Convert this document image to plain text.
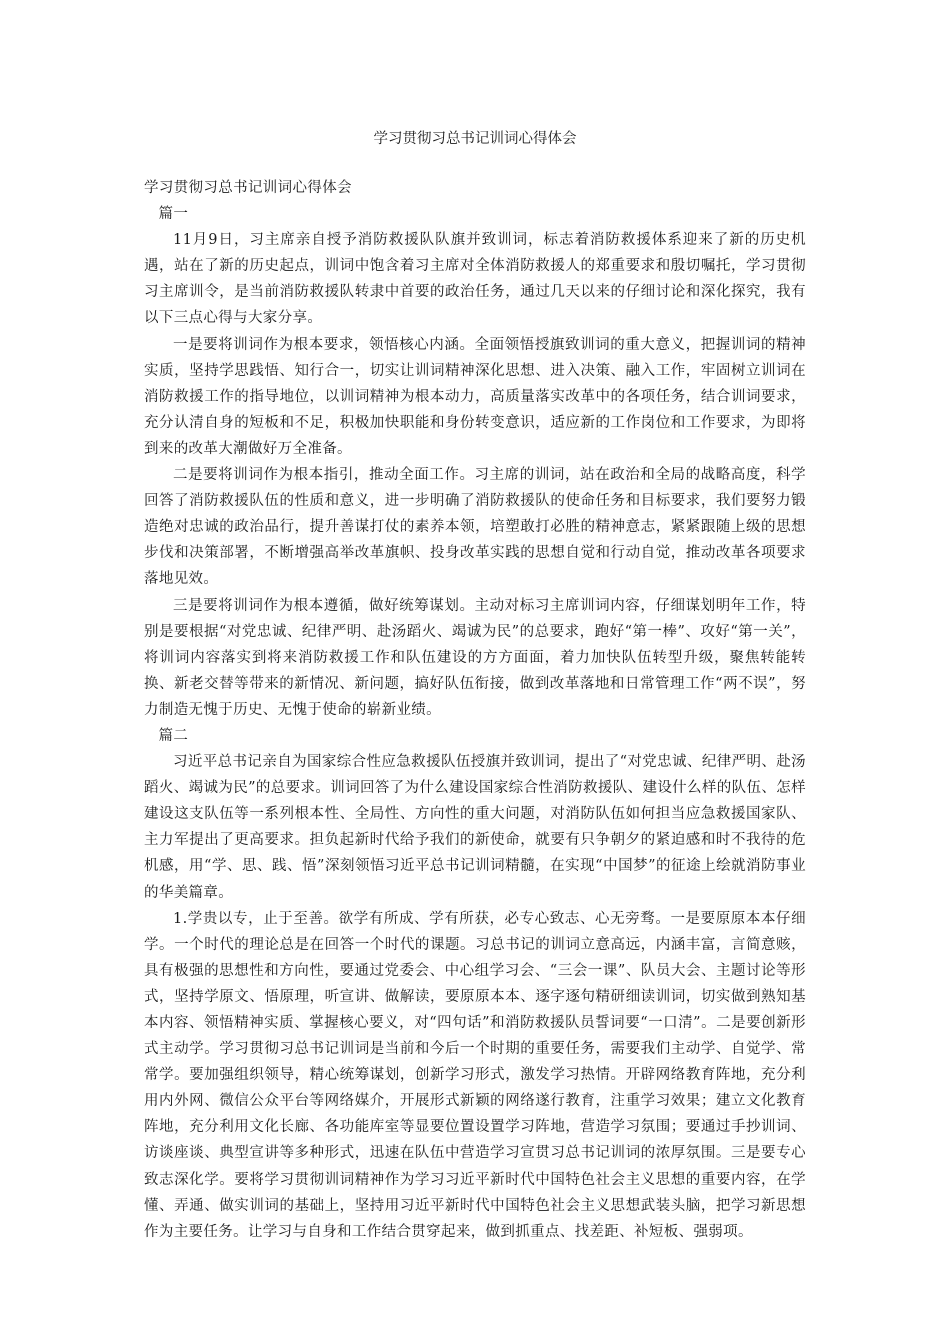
学习贯彻习总书记训词心得体会

学习贯彻习总书记训词心得体会

篇一

11月9日，习主席亲自授予消防救援队队旗并致训词，标志着消防救援体系迎来了新的历史机遇，站在了新的历史起点，训词中饱含着习主席对全体消防救援人的郑重要求和殷切嘱托，学习贯彻习主席训令，是当前消防救援队转隶中首要的政治任务，通过几天以来的仔细讨论和深化探究，我有以下三点心得与大家分享。

一是要将训词作为根本要求，领悟核心内涵。全面领悟授旗致训词的重大意义，把握训词的精神实质，坚持学思践悟、知行合一，切实让训词精神深化思想、进入决策、融入工作，牢固树立训词在消防救援工作的指导地位，以训词精神为根本动力，高质量落实改革中的各项任务，结合训词要求，充分认清自身的短板和不足，积极加快职能和身份转变意识，适应新的工作岗位和工作要求，为即将到来的改革大潮做好万全准备。

二是要将训词作为根本指引，推动全面工作。习主席的训词，站在政治和全局的战略高度，科学回答了消防救援队伍的性质和意义，进一步明确了消防救援队的使命任务和目标要求，我们要努力锻造绝对忠诚的政治品行，提升善谋打仗的素养本领，培塑敢打必胜的精神意志，紧紧跟随上级的思想步伐和决策部署，不断增强高举改革旗帜、投身改革实践的思想自觉和行动自觉，推动改革各项要求落地见效。

三是要将训词作为根本遵循，做好统筹谋划。主动对标习主席训词内容，仔细谋划明年工作，特别是要根据“对党忠诚、纪律严明、赴汤蹈火、竭诚为民”的总要求，跑好“第一棒”、攻好“第一关”，将训词内容落实到将来消防救援工作和队伍建设的方方面面，着力加快队伍转型升级，聚焦转能转换、新老交替等带来的新情况、新问题，搞好队伍衔接，做到改革落地和日常管理工作“两不误”，努力制造无愧于历史、无愧于使命的崭新业绩。

篇二

习近平总书记亲自为国家综合性应急救援队伍授旗并致训词，提出了“对党忠诚、纪律严明、赴汤蹈火、竭诚为民”的总要求。训词回答了为什么建设国家综合性消防救援队、建设什么样的队伍、怎样建设这支队伍等一系列根本性、全局性、方向性的重大问题，对消防队伍如何担当应急救援国家队、主力军提出了更高要求。担负起新时代给予我们的新使命，就要有只争朝夕的紧迫感和时不我待的危机感，用“学、思、践、悟”深刻领悟习近平总书记训词精髓，在实现“中国梦”的征途上绘就消防事业的华美篇章。

1.学贵以专，止于至善。欲学有所成、学有所获，必专心致志、心无旁骛。一是要原原本本仔细学。一个时代的理论总是在回答一个时代的课题。习总书记的训词立意高远，内涵丰富，言简意赅，具有极强的思想性和方向性，要通过党委会、中心组学习会、“三会一课”、队员大会、主题讨论等形式，坚持学原文、悟原理，听宣讲、做解读，要原原本本、逐字逐句精研细读训词，切实做到熟知基本内容、领悟精神实质、掌握核心要义，对“四句话”和消防救援队员誓词要“一口清”。二是要创新形式主动学。学习贯彻习总书记训词是当前和今后一个时期的重要任务，需要我们主动学、自觉学、常常学。要加强组织领导，精心统筹谋划，创新学习形式，激发学习热情。开辟网络教育阵地，充分利用内外网、微信公众平台等网络媒介，开展形式新颖的网络遂行教育，注重学习效果；建立文化教育阵地，充分利用文化长廊、各功能库室等显要位置设置学习阵地，营造学习氛围；要通过手抄训词、访谈座谈、典型宣讲等多种形式，迅速在队伍中营造学习宣贯习总书记训词的浓厚氛围。三是要专心致志深化学。要将学习贯彻训词精神作为学习习近平新时代中国特色社会主义思想的重要内容，在学懂、弄通、做实训词的基础上，坚持用习近平新时代中国特色社会主义思想武装头脑，把学习新思想作为主要任务。让学习与自身和工作结合贯穿起来，做到抓重点、找差距、补短板、强弱项。
